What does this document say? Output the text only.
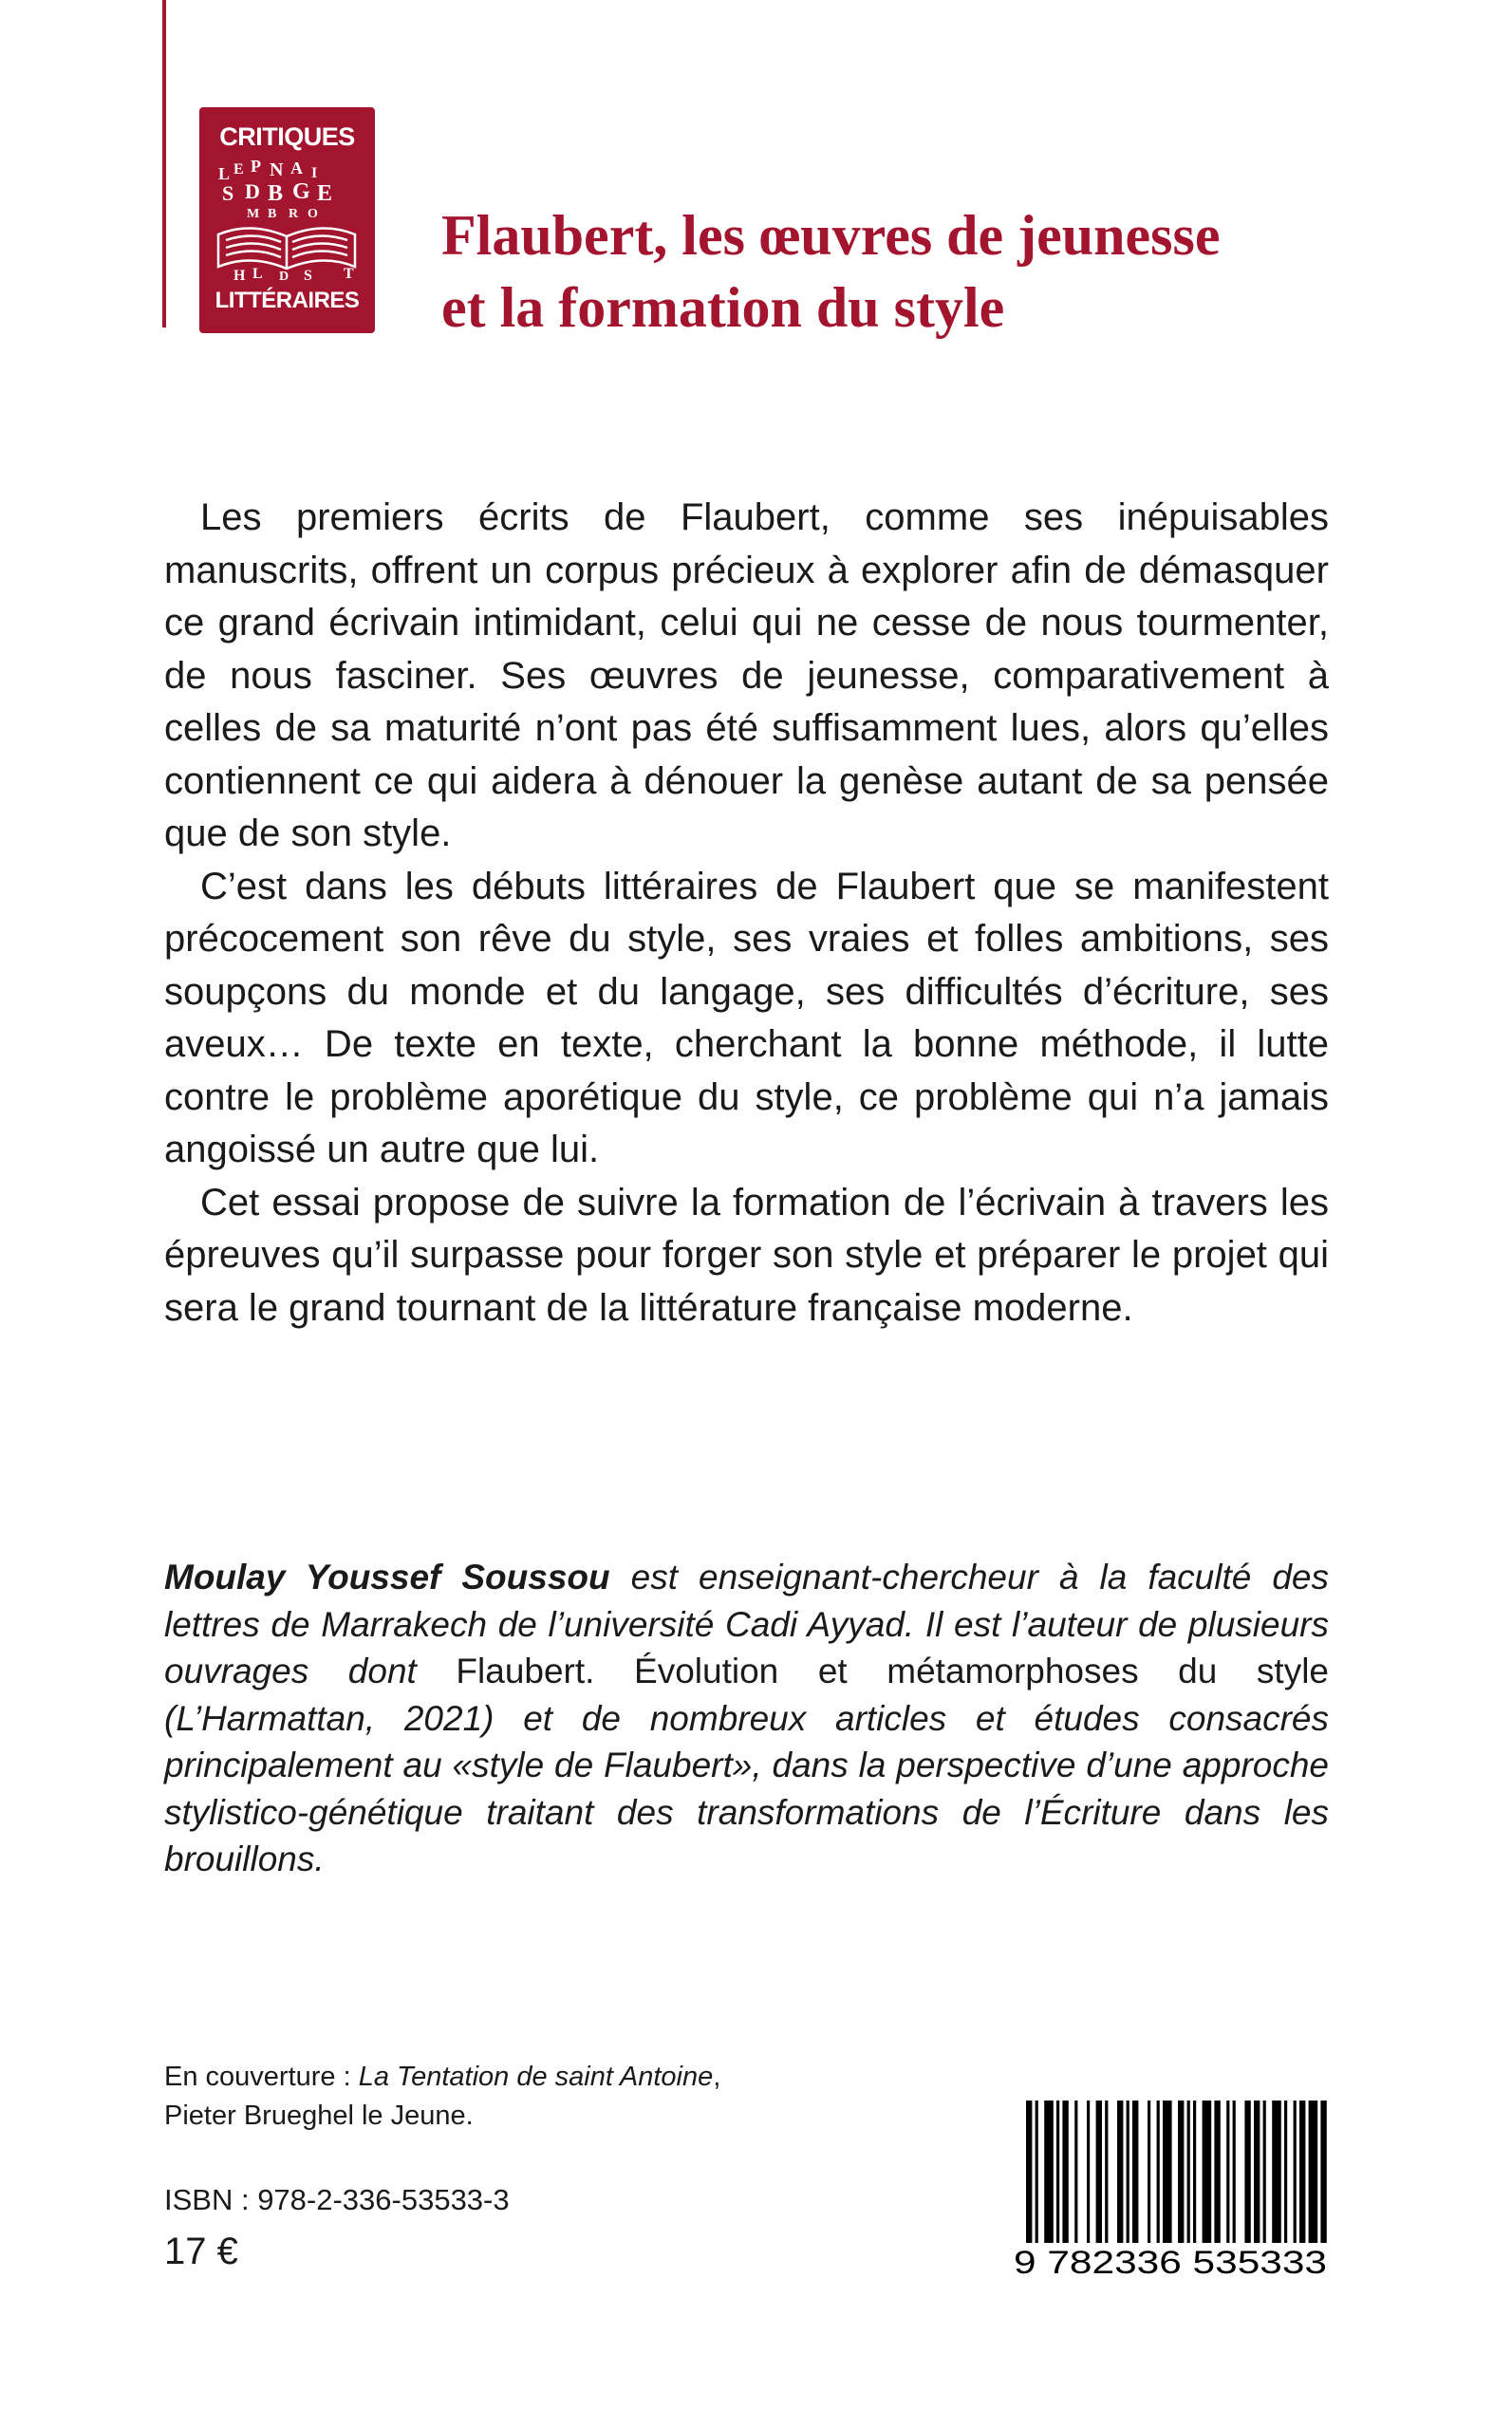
CRITIQUES
L E P N A I
S D B G E
M B R O
H L D S T
LITTÉRAIRES
Flaubert, les œuvres de jeunesse
et la formation du style

Les premiers écrits de Flaubert, comme ses inépuisables manuscrits, offrent un corpus précieux à explorer afin de démasquer ce grand écrivain intimidant, celui qui ne cesse de nous tourmenter, de nous fasciner. Ses œuvres de jeunesse, comparativement à celles de sa maturité n’ont pas été suffisamment lues, alors qu’elles contiennent ce qui aidera à dénouer la genèse autant de sa pensée que de son style.

C’est dans les débuts littéraires de Flaubert que se manifestent précocement son rêve du style, ses vraies et folles ambitions, ses soupçons du monde et du langage, ses difficultés d’écriture, ses aveux… De texte en texte, cherchant la bonne méthode, il lutte contre le problème aporétique du style, ce problème qui n’a jamais angoissé un autre que lui.

Cet essai propose de suivre la formation de l’écrivain à travers les épreuves qu’il surpasse pour forger son style et préparer le projet qui sera le grand tournant de la littérature française moderne.

Moulay Youssef Soussou est enseignant-chercheur à la faculté des lettres de Marrakech de l’université Cadi Ayyad. Il est l’auteur de plusieurs ouvrages dont Flaubert. Évolution et métamorphoses du style (L’Harmattan, 2021) et de nombreux articles et études consacrés principalement au «style de Flaubert», dans la perspective d’une approche stylistico-génétique traitant des transformations de l’Écriture dans les brouillons.
En couverture : La Tentation de saint Antoine,
Pieter Brueghel le Jeune.
ISBN : 978-2-336-53533-3
17 €	9 782336 535333
